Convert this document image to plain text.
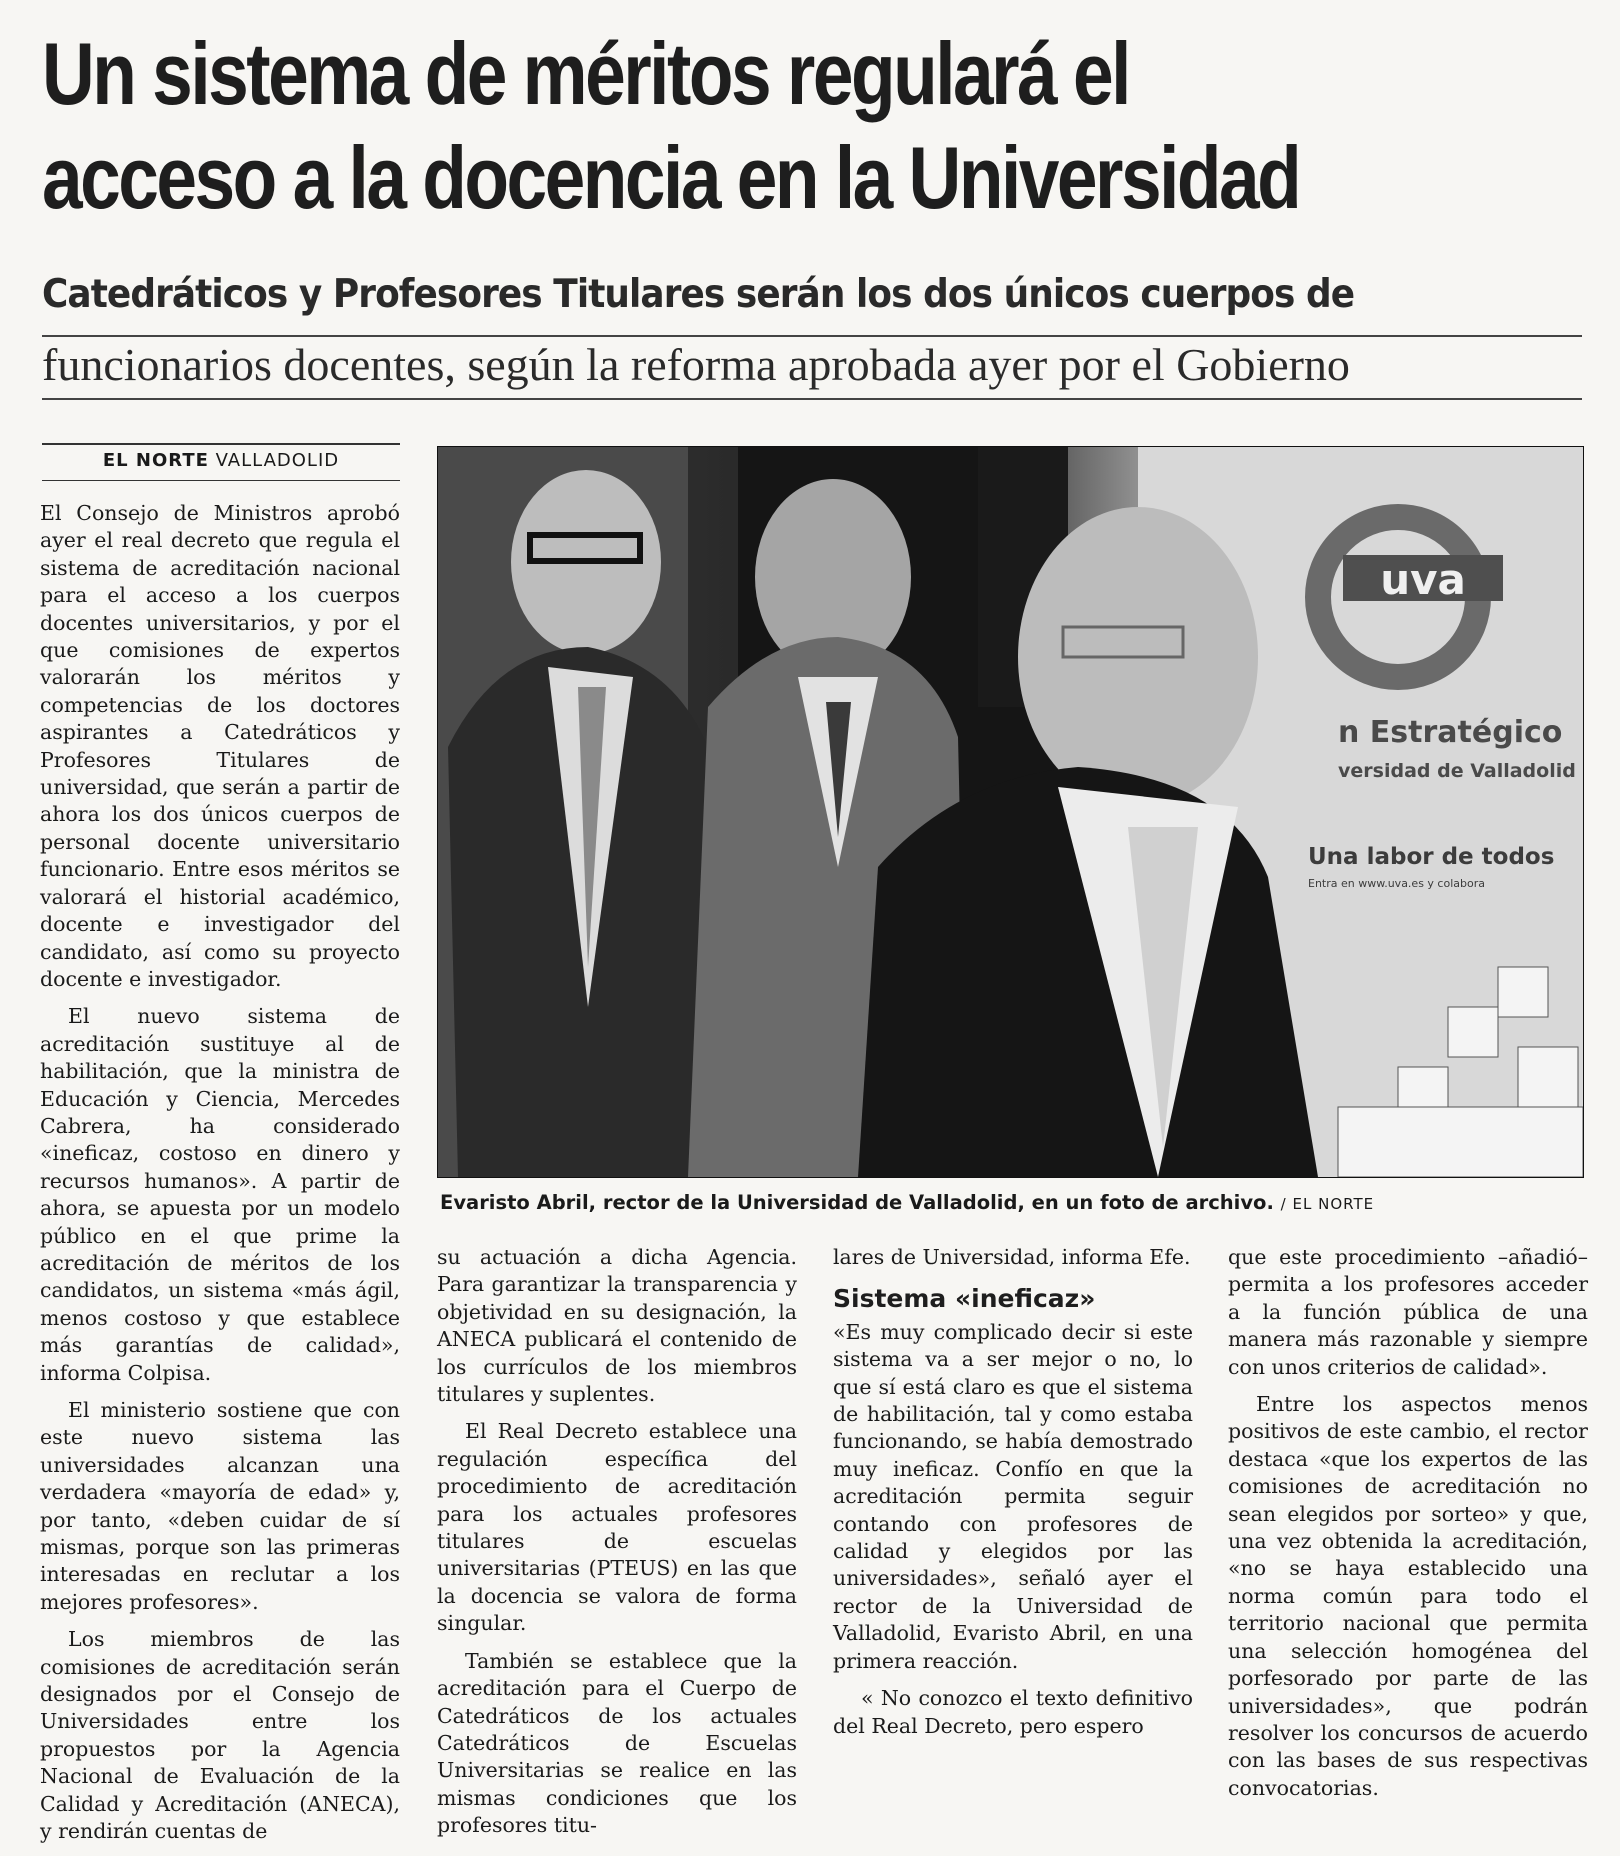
Un sistema de méritos regulará el
acceso a la docencia en la Universidad
Catedráticos y Profesores Titulares serán los dos únicos cuerpos de
funcionarios docentes, según la reforma aprobada ayer por el Gobierno
EL NORTE VALLADOLID
uva
n Estratégico
versidad de Valladolid
Una labor de todos
Entra en www.uva.es y colabora
Evaristo Abril, rector de la Universidad de Valladolid, en un foto de archivo. / EL NORTE

El Consejo de Ministros aprobó ayer el real decreto que regula el sistema de acreditación nacional para el acceso a los cuerpos docentes universitarios, y por el que comisiones de expertos valorarán los méritos y competencias de los doctores aspirantes a Catedráticos y Profesores Titulares de universidad, que serán a partir de ahora los dos únicos cuerpos de personal docente universitario funcionario. Entre esos méritos se valorará el historial académico, docente e investigador del candidato, así como su proyecto docente e investigador.

El nuevo sistema de acreditación sustituye al de habilitación, que la ministra de Educación y Ciencia, Mercedes Cabrera, ha considerado «ineficaz, costoso en dinero y recursos humanos». A partir de ahora, se apuesta por un modelo público en el que prime la acreditación de méritos de los candidatos, un sistema «más ágil, menos costoso y que establece más garantías de calidad», informa Colpisa.

El ministerio sostiene que con este nuevo sistema las universidades alcanzan una verdadera «mayoría de edad» y, por tanto, «deben cuidar de sí mismas, porque son las primeras interesadas en reclutar a los mejores profesores».

Los miembros de las comisiones de acreditación serán designados por el Consejo de Universidades entre los propuestos por la Agencia Nacional de Evaluación de la Calidad y Acreditación (ANECA), y rendirán cuentas de

su actuación a dicha Agencia. Para garantizar la transparencia y objetividad en su designación, la ANECA publicará el contenido de los currículos de los miembros titulares y suplentes.

El Real Decreto establece una regulación específica del procedimiento de acreditación para los actuales profesores titulares de escuelas universitarias (PTEUS) en las que la docencia se valora de forma singular.

También se establece que la acreditación para el Cuerpo de Catedráticos de los actuales Catedráticos de Escuelas Universitarias se realice en las mismas condiciones que los profesores titu-

lares de Universidad, informa Efe.

Sistema «ineficaz»

«Es muy complicado decir si este sistema va a ser mejor o no, lo que sí está claro es que el sistema de habilitación, tal y como estaba funcionando, se había demostrado muy ineficaz. Confío en que la acreditación permita seguir contando con profesores de calidad y elegidos por las universidades», señaló ayer el rector de la Universidad de Valladolid, Evaristo Abril, en una primera reacción.

« No conozco el texto definitivo del Real Decreto, pero espero

que este procedimiento –añadió– permita a los profesores acceder a la función pública de una manera más razonable y siempre con unos criterios de calidad».

Entre los aspectos menos positivos de este cambio, el rector destaca «que los expertos de las comisiones de acreditación no sean elegidos por sorteo» y que, una vez obtenida la acreditación, «no se haya establecido una norma común para todo el territorio nacional que permita una selección homogénea del porfesorado por parte de las universidades», que podrán resolver los concursos de acuerdo con las bases de sus respectivas convocatorias.
